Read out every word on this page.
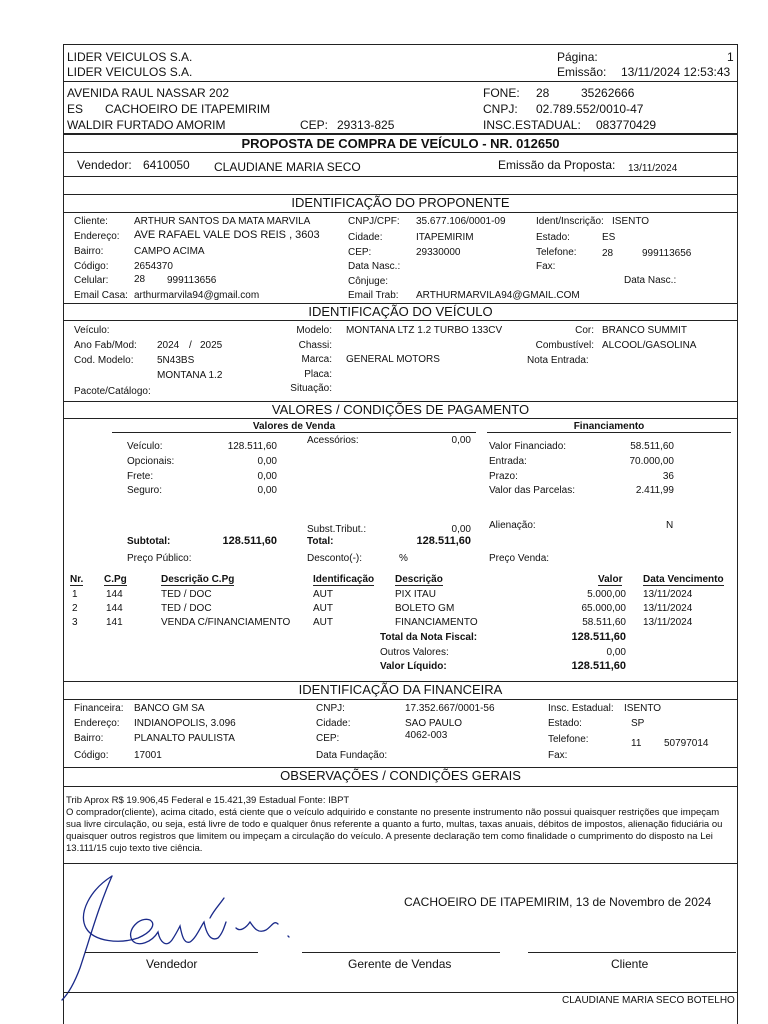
LIDER VEICULOS S.A.
LIDER VEICULOS S.A.
Página:	1
Emissão: 13/11/2024 12:53:43
AVENIDA RAUL NASSAR 202
ES CACHOEIRO DE ITAPEMIRIM
WALDIR FURTADO AMORIM	CEP: 29313-825
FONE: 28	35262666
CNPJ: 02.789.552/0010-47
INSC.ESTADUAL: 083770429
PROPOSTA DE COMPRA DE VEÍCULO - NR. 012650
Vendedor: 6410050 CLAUDIANE MARIA SECO	Emissão da Proposta: 13/11/2024
IDENTIFICAÇÃO DO PROPONENTE
Cliente:	ARTHUR SANTOS DA MATA MARVILA
Endereço: AVE RAFAEL VALE DOS REIS , 3603
Bairro:	CAMPO ACIMA
Código:	2654370
Celular:	28 999113656
Email Casa: arthurmarvila94@gmail.com
CNPJ/CPF: 35.677.106/0001-09
Cidade:	ITAPEMIRIM
CEP:	29330000
Data Nasc.:
Cônjuge:
Email Trab: ARTHURMARVILA94@GMAIL.COM
Ident/Inscrição: ISENTO
Estado:	ES
Telefone:	28	999113656
Fax:
Data Nasc.:
IDENTIFICAÇÃO DO VEÍCULO
Veículo:
Ano Fab/Mod: 2024 / 2025
Cod. Modelo: 5N43BS
MONTANA 1.2
Pacote/Catálogo:
Modelo: MONTANA LTZ 1.2 TURBO 133CV
Chassi:
Marca: GENERAL MOTORS
Placa:
Situação:
Cor: BRANCO SUMMIT
Combustível: ALCOOL/GASOLINA
Nota Entrada:
VALORES / CONDIÇÕES DE PAGAMENTO
Valores de Venda	Financiamento
Veículo:	128.511,60
Opcionais:	0,00
Frete:	0,00
Seguro:	0,00
Acessórios:	0,00
Subtotal:	128.511,60
Preço Público:
Subst.Tribut.:	0,00
Total:	128.511,60
Desconto(-):	%
Valor Financiado:	58.511,60
Entrada:	70.000,00
Prazo:	36
Valor das Parcelas:	2.411,99
Alienação:	N
Preço Venda:
Nr. C.Pg	Descrição C.Pg	Identificação Descrição	Valor Data Vencimento
1	144	TED / DOC	AUT	PIX ITAU	5.000,00 13/11/2024
2	144	TED / DOC	AUT	BOLETO GM	65.000,00 13/11/2024
3	141	VENDA C/FINANCIAMENTO AUT	FINANCIAMENTO	58.511,60 13/11/2024
Total da Nota Fiscal:	128.511,60
Outros Valores:	0,00
Valor Líquido:	128.511,60
IDENTIFICAÇÃO DA FINANCEIRA
Financeira: BANCO GM SA
Endereço: INDIANOPOLIS, 3.096
Bairro:	PLANALTO PAULISTA
Código:	17001
CNPJ:	17.352.667/0001-56
Cidade:	SAO PAULO
CEP:	4062-003
Data Fundação:
Insc. Estadual: ISENTO
Estado:	SP
Telefone:	11 50797014
Fax:
OBSERVAÇÕES / CONDIÇÕES GERAIS
Trib Aprox R$ 19.906,45 Federal e 15.421,39 Estadual Fonte: IBPT
O comprador(cliente), acima citado, está ciente que o veículo adquirido e constante no presente instrumento não possui quaisquer restrições que impeçam sua livre circulação, ou seja, está livre de todo e qualquer ônus referente a quanto a furto, multas, taxas anuais, débitos de impostos, alienação fiduciária ou quaisquer outros registros que limitem ou impeçam a circulação do veículo. A presente declaração tem como finalidade o cumprimento do disposto na Lei 13.111/15 cujo texto tive ciência.
CACHOEIRO DE ITAPEMIRIM, 13 de Novembro de 2024
Vendedor	Gerente de Vendas	Cliente
CLAUDIANE MARIA SECO BOTELHO
